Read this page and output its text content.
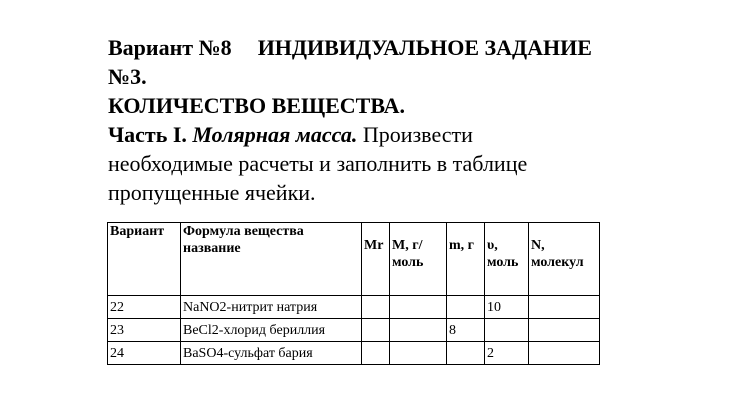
Вариант №8 ИНДИВИДУАЛЬНОЕ ЗАДАНИЕ

№3.

КОЛИЧЕСТВО ВЕЩЕСТВА.

Часть I. Молярная масса. Произвести

необходимые расчеты и заполнить в таблице

пропущенные ячейки.

Вариант	Формула вещества название	Mr	M, г/моль	m, г	υ, моль	N, молекул
22	NaNO2-нитрит натрия				10	
23	BeCl2-хлорид бериллия			8		
24	BaSO4-сульфат бария				2	
